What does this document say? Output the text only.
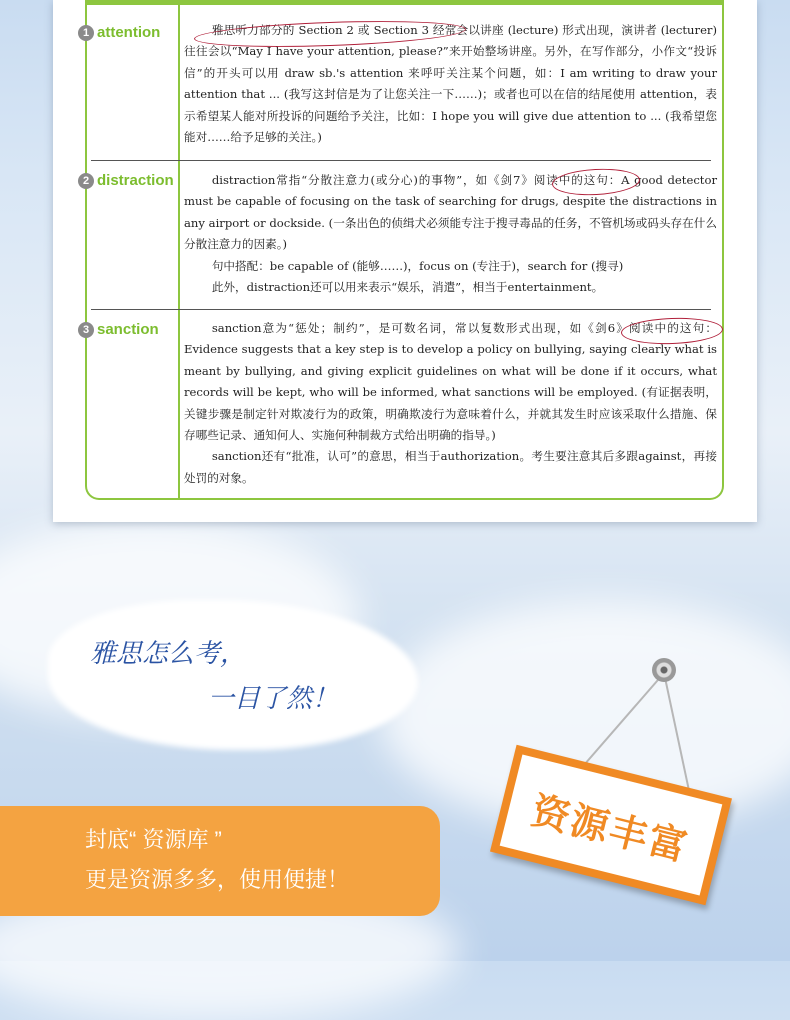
1 attention
2 distraction
3 sanction

雅思听力部分的 Section 2 或 Section 3 经常会以讲座 (lecture) 形式出现，演讲者 (lecturer) 往往会以“May I have your attention, please?”来开始整场讲座。另外，在写作部分，小作文“投诉信”的开头可以用 draw sb.'s attention 来呼吁关注某个问题，如：I am writing to draw your attention that ... (我写这封信是为了让您关注一下……)；或者也可以在信的结尾使用 attention，表示希望某人能对所投诉的问题给予关注，比如：I hope you will give due attention to ... (我希望您能对……给予足够的关注。)

distraction常指“分散注意力(或分心)的事物”，如《剑7》阅读中的这句：A good detector must be capable of focusing on the task of searching for drugs, despite the distractions in any airport or dockside. (一条出色的侦缉犬必须能专注于搜寻毒品的任务，不管机场或码头存在什么分散注意力的因素。)

句中搭配：be capable of (能够……)，focus on (专注于)，search for (搜寻)

此外，distraction还可以用来表示“娱乐，消遣”，相当于entertainment。

sanction意为“惩处；制约”，是可数名词，常以复数形式出现，如《剑6》阅读中的这句：Evidence suggests that a key step is to develop a policy on bullying, saying clearly what is meant by bullying, and giving explicit guidelines on what will be done if it occurs, what records will be kept, who will be informed, what sanctions will be employed. (有证据表明，关键步骤是制定针对欺凌行为的政策，明确欺凌行为意味着什么，并就其发生时应该采取什么措施、保存哪些记录、通知何人、实施何种制裁方式给出明确的指导。)

sanction还有“批准，认可”的意思，相当于authorization。考生要注意其后多跟against，再接处罚的对象。

雅思怎么考，
一目了然！
封底“ 资源库 ”
更是资源多多，使用便捷！
资源丰富
